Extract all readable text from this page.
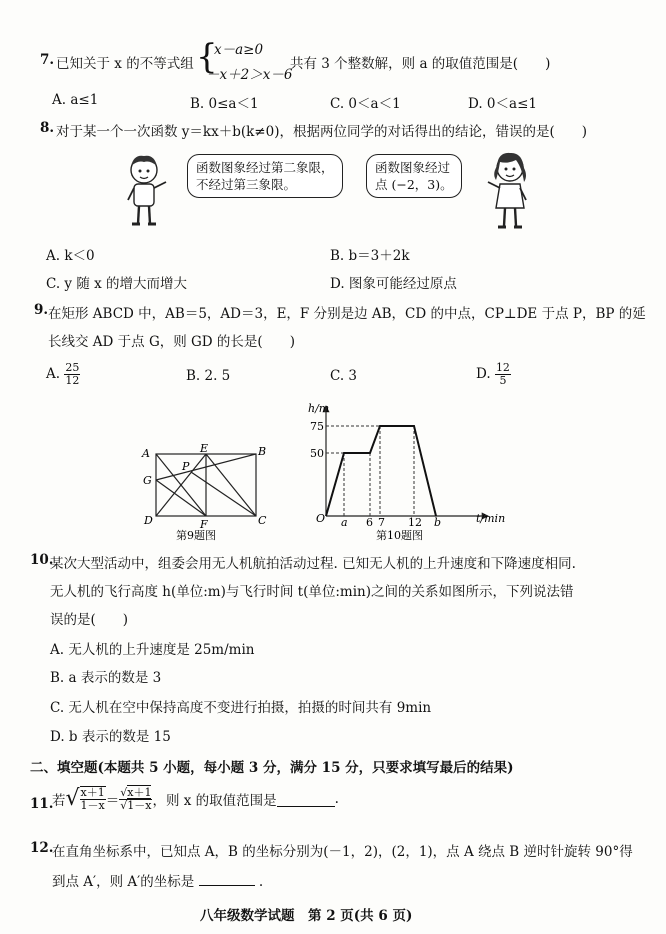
7. 已知关于 x 的不等式组 {
x－a≥0
－x＋2＞x－6
共有 3 个整数解，则 a 的取值范围是(　　)
A. a≤1	B. 0≤a＜1	C. 0＜a＜1	D. 0＜a≤1
8. 对于某一个一次函数 y＝kx＋b(k≠0)，根据两位同学的对话得出的结论，错误的是(　　)
函数图象经过第二象限，
不经过第三象限。
函数图象经过
点 (−2，3)。
A. k＜0	B. b＝3＋2k
C. y 随 x 的增大而增大	D. 图象可能经过原点
9. 在矩形 ABCD 中，AB＝5，AD＝3，E，F 分别是边 AB，CD 的中点，CP⊥DE 于点 P，BP 的延
长线交 AD 于点 G，则 GD 的长是(　　)
A. $\frac{25}{12}$	B. 2. 5	C. 3	D. $\frac{12}{5}$
A	B
C
D
E
F
G
P
第9题图
h/m
t/min
O
75
50
a 6 7 12 b
第10题图
10.
某次大型活动中，组委会用无人机航拍活动过程. 已知无人机的上升速度和下降速度相同.
无人机的飞行高度 h(单位:m)与飞行时间 t(单位:min)之间的关系如图所示，下列说法错
误的是(　　)
A. 无人机的上升速度是 25m/min
B. a 表示的数是 3
C. 无人机在空中保持高度不变进行拍摄，拍摄的时间共有 9min
D. b 表示的数是 15
二、填空题(本题共 5 小题，每小题 3 分，满分 15 分，只要求填写最后的结果)
11.
若 √ $\frac{x+1}{1-x} = \frac{√x+1}{√1-x}$ ，则 x 的取值范围是	.
12.
在直角坐标系中，已知点 A，B 的坐标分别为(－1，2)，(2，1)，点 A 绕点 B 逆时针旋转 90°得
到点 A′，则 A′的坐标是	.
八年级数学试题　第 2 页(共 6 页)
